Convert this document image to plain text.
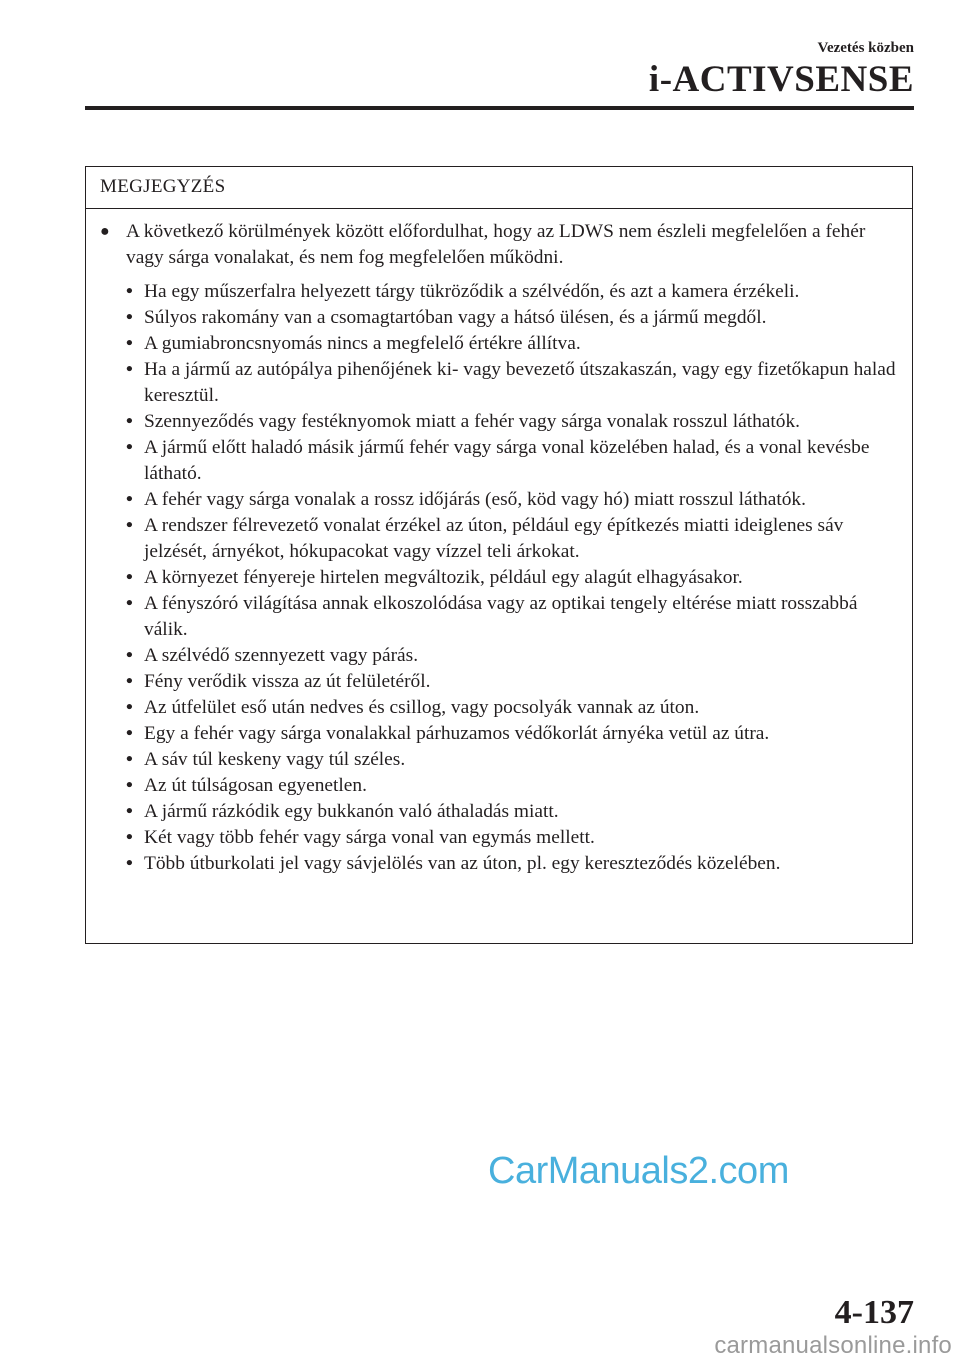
Vezetés közben
i-ACTIVSENSE
MEGJEGYZÉS
● A következő körülmények között előfordulhat, hogy az LDWS nem észleli megfelelően a fehér vagy sárga vonalakat, és nem fog megfelelően működni.
• Ha egy műszerfalra helyezett tárgy tükröződik a szélvédőn, és azt a kamera érzékeli.
• Súlyos rakomány van a csomagtartóban vagy a hátsó ülésen, és a jármű megdől.
• A gumiabroncsnyomás nincs a megfelelő értékre állítva.
• Ha a jármű az autópálya pihenőjének ki- vagy bevezető útszakaszán, vagy egy fizetőkapun halad keresztül.
• Szennyeződés vagy festéknyomok miatt a fehér vagy sárga vonalak rosszul láthatók.
• A jármű előtt haladó másik jármű fehér vagy sárga vonal közelében halad, és a vonal kevésbe látható.
• A fehér vagy sárga vonalak a rossz időjárás (eső, köd vagy hó) miatt rosszul láthatók.
• A rendszer félrevezető vonalat érzékel az úton, például egy építkezés miatti ideiglenes sáv jelzését, árnyékot, hókupacokat vagy vízzel teli árkokat.
• A környezet fényereje hirtelen megváltozik, például egy alagút elhagyásakor.
• A fényszóró világítása annak elkoszolódása vagy az optikai tengely eltérése miatt rosszabbá válik.
• A szélvédő szennyezett vagy párás.
• Fény verődik vissza az út felületéről.
• Az útfelület eső után nedves és csillog, vagy pocsolyák vannak az úton.
• Egy a fehér vagy sárga vonalakkal párhuzamos védőkorlát árnyéka vetül az útra.
• A sáv túl keskeny vagy túl széles.
• Az út túlságosan egyenetlen.
• A jármű rázkódik egy bukkanón való áthaladás miatt.
• Két vagy több fehér vagy sárga vonal van egymás mellett.
• Több útburkolati jel vagy sávjelölés van az úton, pl. egy kereszteződés közelében.
CarManuals2.com
4-137
carmanualsonline.info
